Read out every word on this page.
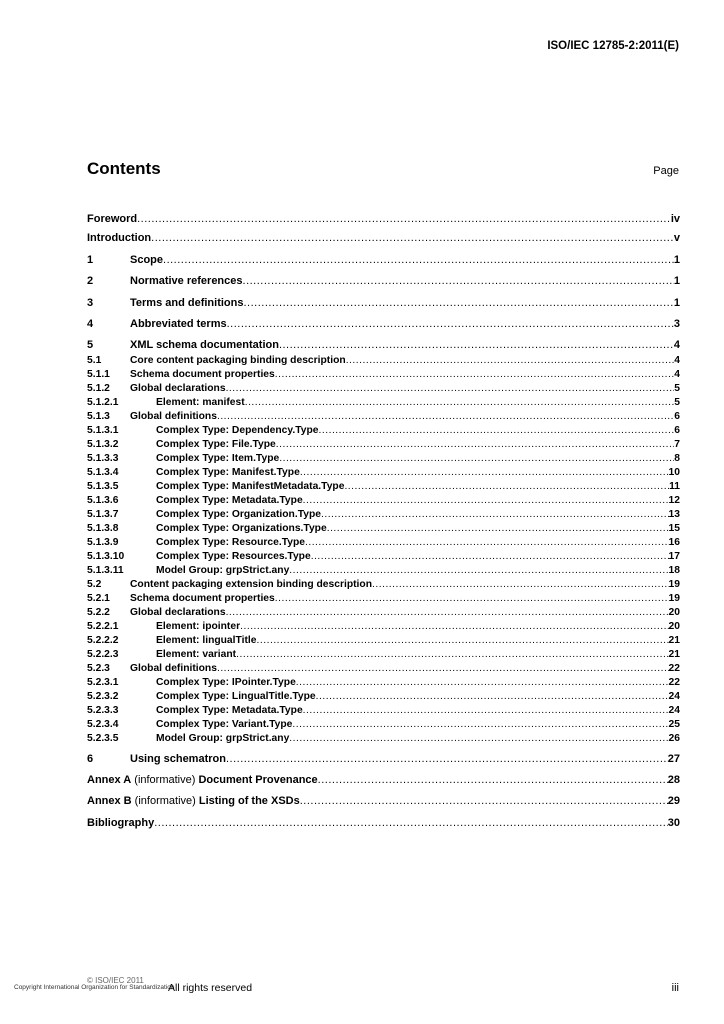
ISO/IEC 12785-2:2011(E)
Contents	Page
Foreword .....	iv
Introduction .....	v
1	Scope .....	1
2	Normative references .....	1
3	Terms and definitions .....	1
4	Abbreviated terms .....	3
5	XML schema documentation .....	4
5.1	Core content packaging binding description .....	4
5.1.1	Schema document properties .....	4
5.1.2	Global declarations .....	5
5.1.2.1	Element: manifest .....	5
5.1.3	Global definitions .....	6
5.1.3.1	Complex Type: Dependency.Type .....	6
5.1.3.2	Complex Type: File.Type .....	7
5.1.3.3	Complex Type: Item.Type .....	8
5.1.3.4	Complex Type: Manifest.Type .....	10
5.1.3.5	Complex Type: ManifestMetadata.Type .....	11
5.1.3.6	Complex Type: Metadata.Type .....	12
5.1.3.7	Complex Type: Organization.Type .....	13
5.1.3.8	Complex Type: Organizations.Type .....	15
5.1.3.9	Complex Type: Resource.Type .....	16
5.1.3.10	Complex Type: Resources.Type .....	17
5.1.3.11	Model Group: grpStrict.any .....	18
5.2	Content packaging extension binding description .....	19
5.2.1	Schema document properties .....	19
5.2.2	Global declarations .....	20
5.2.2.1	Element: ipointer .....	20
5.2.2.2	Element: lingualTitle .....	21
5.2.2.3	Element: variant .....	21
5.2.3	Global definitions .....	22
5.2.3.1	Complex Type: IPointer.Type .....	22
5.2.3.2	Complex Type: LingualTitle.Type .....	24
5.2.3.3	Complex Type: Metadata.Type .....	24
5.2.3.4	Complex Type: Variant.Type .....	25
5.2.3.5	Model Group: grpStrict.any .....	26
6	Using schematron .....	27
Annex A (informative) Document Provenance .....	28
Annex B (informative) Listing of the XSDs .....	29
Bibliography .....	30
© ISO/IEC 2011
Copyright International Organization for Standardization
All rights reserved	iii
